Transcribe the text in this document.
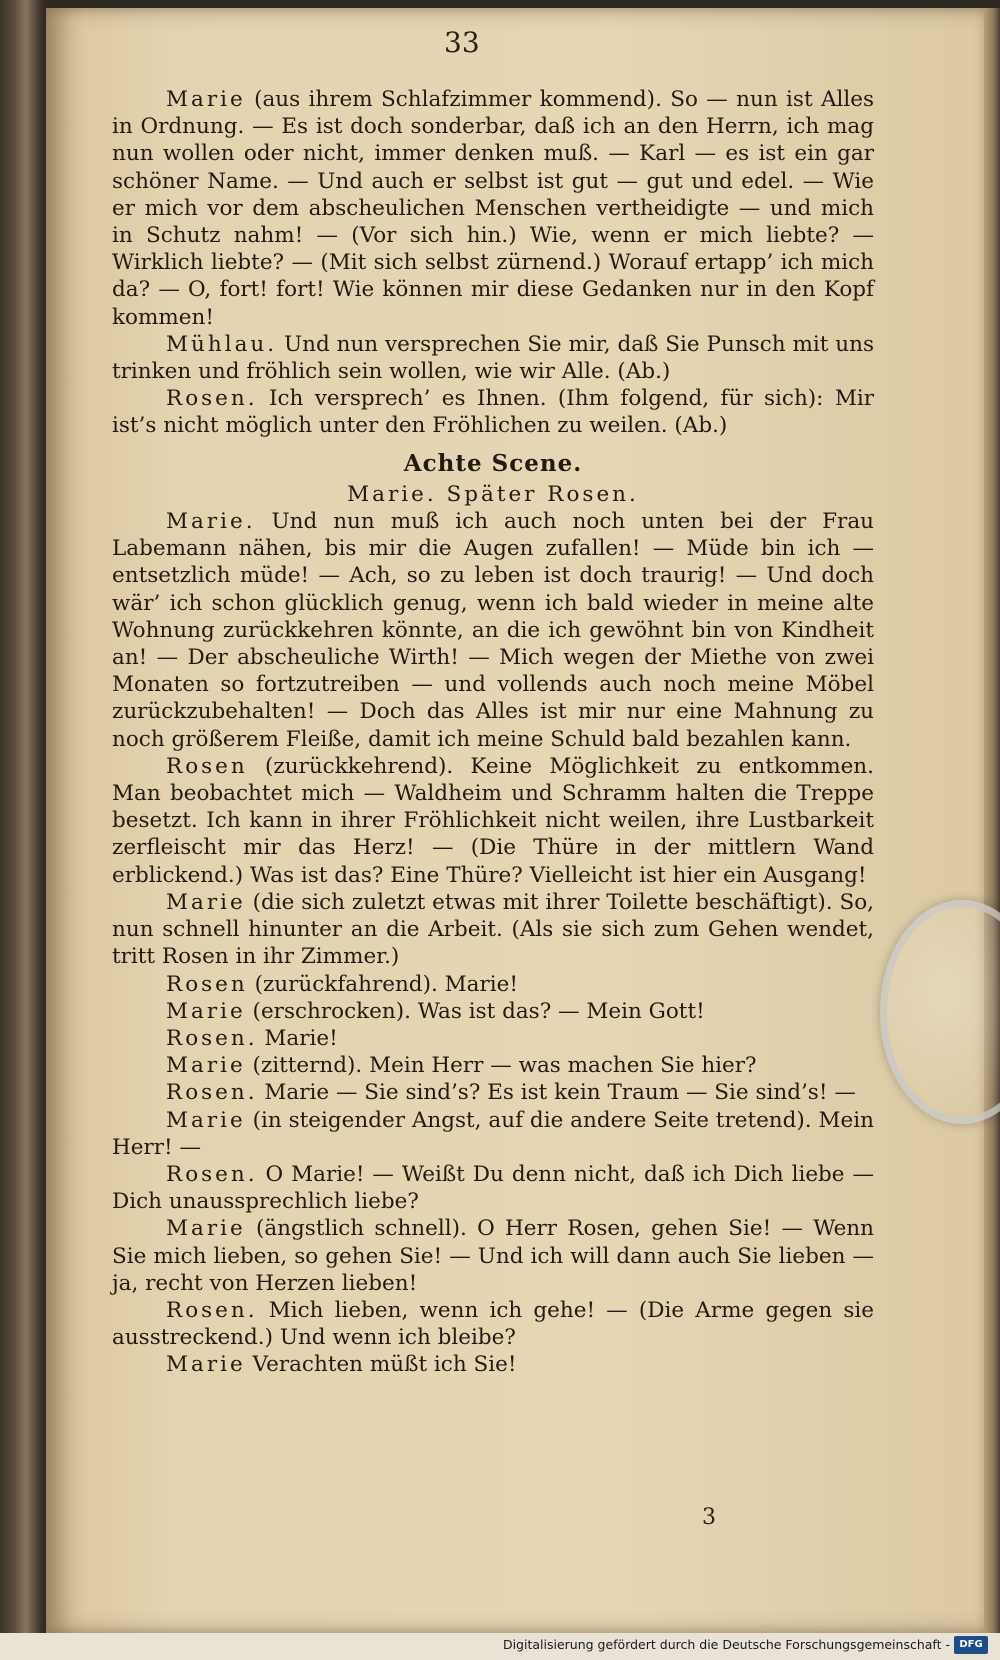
33

Marie (aus ihrem Schlafzimmer kommend). So — nun ist Alles in Ordnung. — Es ist doch sonderbar, daß ich an den Herrn, ich mag nun wollen oder nicht, immer denken muß. — Karl — es ist ein gar schöner Name. — Und auch er selbst ist gut — gut und edel. — Wie er mich vor dem abscheulichen Menschen vertheidigte — und mich in Schutz nahm! — (Vor sich hin.) Wie, wenn er mich liebte? — Wirklich liebte? — (Mit sich selbst zürnend.) Worauf ertapp’ ich mich da? — O, fort! fort! Wie können mir diese Gedanken nur in den Kopf kommen!

Mühlau. Und nun versprechen Sie mir, daß Sie Punsch mit uns trinken und fröhlich sein wollen, wie wir Alle. (Ab.)

Rosen. Ich versprech’ es Ihnen. (Ihm folgend, für sich): Mir ist’s nicht möglich unter den Fröhlichen zu weilen. (Ab.)

Achte Scene.

Marie. Später Rosen.

Marie. Und nun muß ich auch noch unten bei der Frau Labemann nähen, bis mir die Augen zufallen! — Müde bin ich — entsetzlich müde! — Ach, so zu leben ist doch traurig! — Und doch wär’ ich schon glücklich genug, wenn ich bald wieder in meine alte Wohnung zurückkehren könnte, an die ich gewöhnt bin von Kindheit an! — Der abscheuliche Wirth! — Mich wegen der Miethe von zwei Monaten so fortzutreiben — und vollends auch noch meine Möbel zurückzubehalten! — Doch das Alles ist mir nur eine Mahnung zu noch größerem Fleiße, damit ich meine Schuld bald bezahlen kann.

Rosen (zurückkehrend). Keine Möglichkeit zu entkommen. Man beobachtet mich — Waldheim und Schramm halten die Treppe besetzt. Ich kann in ihrer Fröhlichkeit nicht weilen, ihre Lustbarkeit zerfleischt mir das Herz! — (Die Thüre in der mittlern Wand erblickend.) Was ist das? Eine Thüre? Vielleicht ist hier ein Ausgang!

Marie (die sich zuletzt etwas mit ihrer Toilette beschäftigt). So, nun schnell hinunter an die Arbeit. (Als sie sich zum Gehen wendet, tritt Rosen in ihr Zimmer.)

Rosen (zurückfahrend). Marie!

Marie (erschrocken). Was ist das? — Mein Gott!

Rosen. Marie!

Marie (zitternd). Mein Herr — was machen Sie hier?

Rosen. Marie — Sie sind’s? Es ist kein Traum — Sie sind’s! —

Marie (in steigender Angst, auf die andere Seite tretend). Mein Herr! —

Rosen. O Marie! — Weißt Du denn nicht, daß ich Dich liebe — Dich unaussprechlich liebe?

Marie (ängstlich schnell). O Herr Rosen, gehen Sie! — Wenn Sie mich lieben, so gehen Sie! — Und ich will dann auch Sie lieben — ja, recht von Herzen lieben!

Rosen. Mich lieben, wenn ich gehe! — (Die Arme gegen sie ausstreckend.) Und wenn ich bleibe?

Marie Verachten müßt ich Sie!

3
Digitalisierung gefördert durch die Deutsche Forschungsgemeinschaft - DFG
